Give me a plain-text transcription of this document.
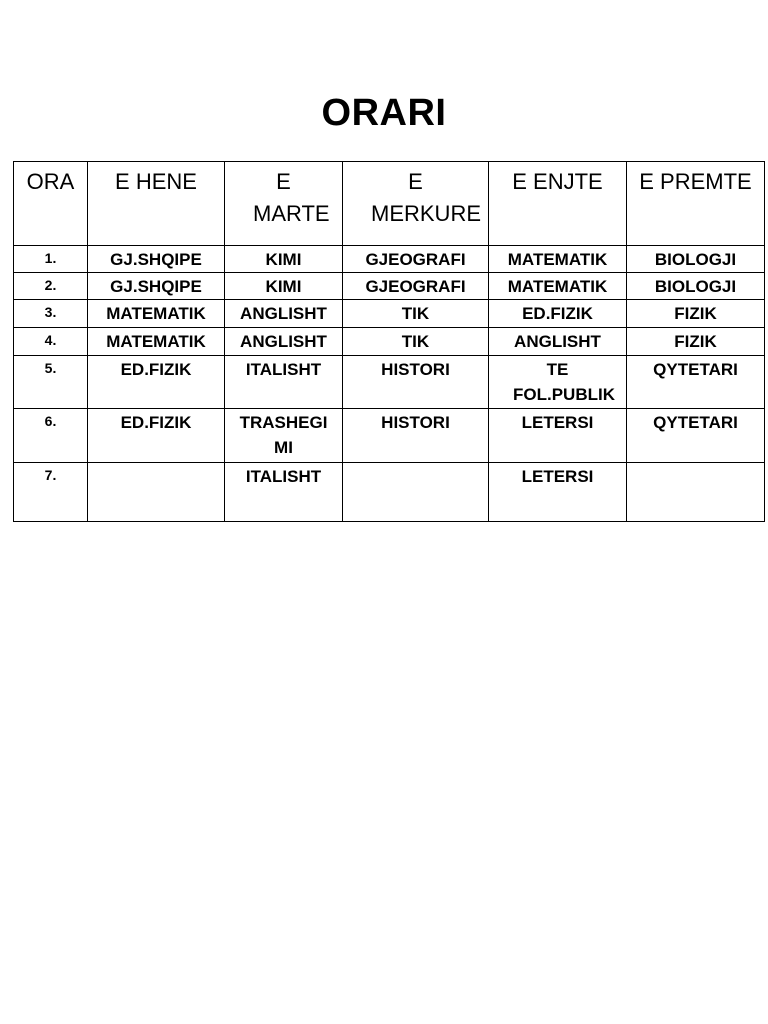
ORARI
ORA	E HENE	E MARTE	E MERKURE	E ENJTE	E PREMTE
1.	GJ.SHQIPE	KIMI	GJEOGRAFI	MATEMATIK	BIOLOGJI
2.	GJ.SHQIPE	KIMI	GJEOGRAFI	MATEMATIK	BIOLOGJI
3.	MATEMATIK	ANGLISHT	TIK	ED.FIZIK	FIZIK
4.	MATEMATIK	ANGLISHT	TIK	ANGLISHT	FIZIK
5.	ED.FIZIK	ITALISHT	HISTORI	TE FOL.PUBLIK	QYTETARI
6.	ED.FIZIK	TRASHEGIMI	HISTORI	LETERSI	QYTETARI
7.		ITALISHT		LETERSI	
